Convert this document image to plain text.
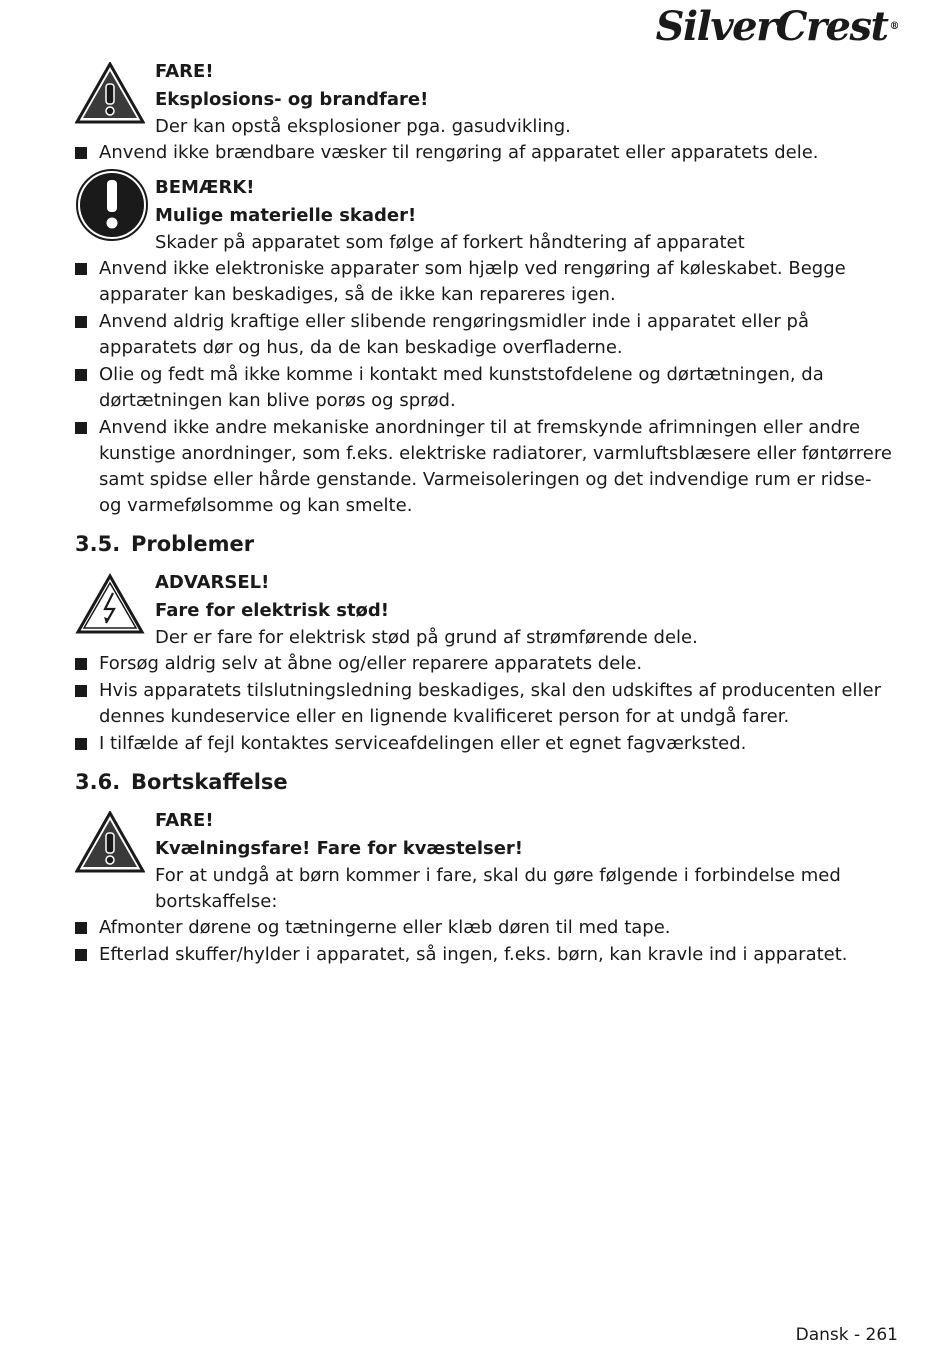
SilverCrest ®
FARE!
Eksplosions- og brandfare!
Der kan opstå eksplosioner pga. gasudvikling.
Anvend ikke brændbare væsker til rengøring af apparatet eller apparatets dele.
BEMÆRK!
Mulige materielle skader!
Skader på apparatet som følge af forkert håndtering af apparatet
Anvend ikke elektroniske apparater som hjælp ved rengøring af køleskabet. Begge apparater kan beskadiges, så de ikke kan repareres igen.
Anvend aldrig kraftige eller slibende rengøringsmidler inde i apparatet eller på apparatets dør og hus, da de kan beskadige overfladerne.
Olie og fedt må ikke komme i kontakt med kunststofdelene og dørtætningen, da dørtætningen kan blive porøs og sprød.
Anvend ikke andre mekaniske anordninger til at fremskynde afrimningen eller andre kunstige anordninger, som f.eks. elektriske radiatorer, varmluftsblæsere eller føntørrere samt spidse eller hårde genstande. Varmeisoleringen og det indvendige rum er ridse- og varmefølsomme og kan smelte.
3.5. Problemer
ADVARSEL!
Fare for elektrisk stød!
Der er fare for elektrisk stød på grund af strømførende dele.
Forsøg aldrig selv at åbne og/eller reparere apparatets dele.
Hvis apparatets tilslutningsledning beskadiges, skal den udskiftes af producenten eller dennes kundeservice eller en lignende kvalificeret person for at undgå farer.
I tilfælde af fejl kontaktes serviceafdelingen eller et egnet fagværksted.
3.6. Bortskaffelse
FARE!
Kvælningsfare! Fare for kvæstelser!
For at undgå at børn kommer i fare, skal du gøre følgende i forbindelse med bortskaffelse:
Afmonter dørene og tætningerne eller klæb døren til med tape.
Efterlad skuffer/hylder i apparatet, så ingen, f.eks. børn, kan kravle ind i apparatet.
Dansk - 261
